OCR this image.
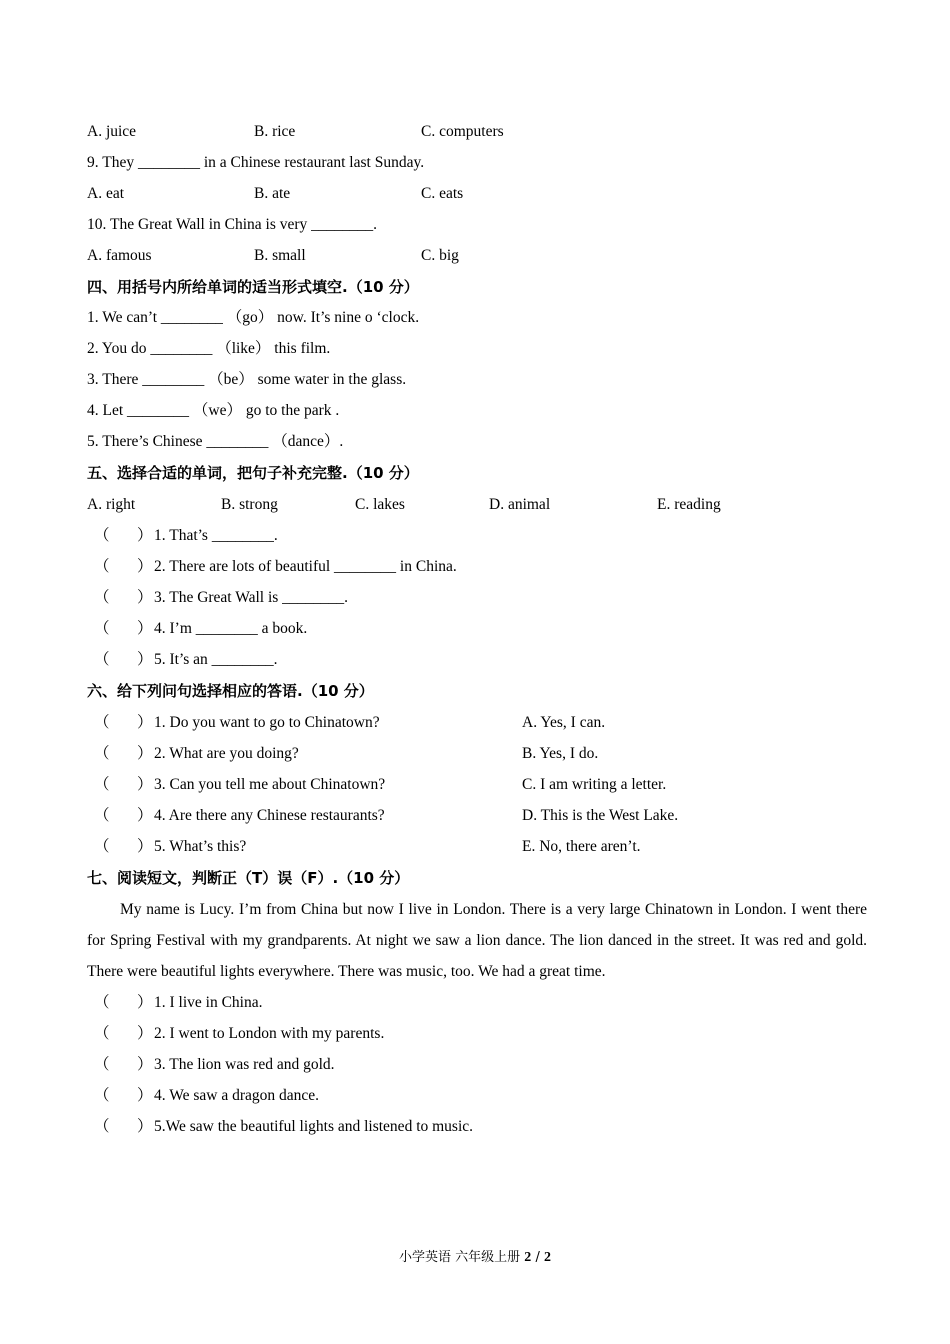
A. juice	B. rice	C. computers
9. They ________ in a Chinese restaurant last Sunday.
A. eat	B. ate	C. eats
10. The Great Wall in China is very ________.
A. famous	B. small	C. big
四、用括号内所给单词的适当形式填空.（10 分）
1. We can’t ________ （go） now. It’s nine o ‘clock.
2. You do ________ （like） this film.
3. There ________ （be） some water in the glass.
4. Let ________ （we） go to the park .
5. There’s Chinese ________ （dance）.
五、选择合适的单词，把句子补充完整.（10 分）
A. right	B. strong	C. lakes	D. animal	E. reading
（ ） 1. That’s ________.
（ ） 2. There are lots of beautiful ________ in China.
（ ） 3. The Great Wall is ________.
（ ） 4. I’m ________ a book.
（ ） 5. It’s an ________.
六、给下列问句选择相应的答语.（10 分）
（ ） 1. Do you want to go to Chinatown?	A. Yes, I can.
（ ） 2. What are you doing?	B. Yes, I do.
（ ） 3. Can you tell me about Chinatown?	C. I am writing a letter.
（ ） 4. Are there any Chinese restaurants?	D. This is the West Lake.
（ ） 5. What’s this?	E. No, there aren’t.
七、阅读短文，判断正（T）误（F）.（10 分）
My name is Lucy. I’m from China but now I live in London. There is a very large Chinatown in London. I went there for Spring Festival with my grandparents. At night we saw a lion dance. The lion danced in the street. It was red and gold. There were beautiful lights everywhere. There was music, too. We had a great time.
（ ） 1. I live in China.
（ ） 2. I went to London with my parents.
（ ） 3. The lion was red and gold.
（ ） 4. We saw a dragon dance.
（ ） 5.We saw the beautiful lights and listened to music.
小学英语 六年级上册 2 / 2
